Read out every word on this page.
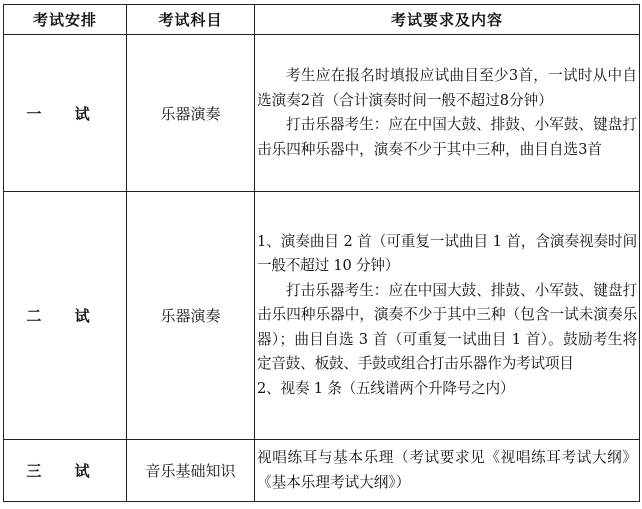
考试安排	考试科目	考试要求及内容
一 试	乐器演奏	考生应在报名时填报应试曲目至少3首，一试时从中自选演奏2首（合计演奏时间一般不超过8分钟）

打击乐器考生：应在中国大鼓、排鼓、小军鼓、键盘打击乐四种乐器中，演奏不少于其中三种，曲目自选3首

二 试	乐器演奏	1、演奏曲目 2 首（可重复一试曲目 1 首，含演奏视奏时间一般不超过 10 分钟）

打击乐器考生：应在中国大鼓、排鼓、小军鼓、键盘打击乐四种乐器中，演奏不少于其中三种（包含一试未演奏乐器）；曲目自选 3 首（可重复一试曲目 1 首）。鼓励考生将定音鼓、板鼓、手鼓或组合打击乐器作为考试项目

2、视奏 1 条（五线谱两个升降号之内）

三 试	音乐基础知识	视唱练耳与基本乐理（考试要求见《视唱练耳考试大纲》《基本乐理考试大纲》）
